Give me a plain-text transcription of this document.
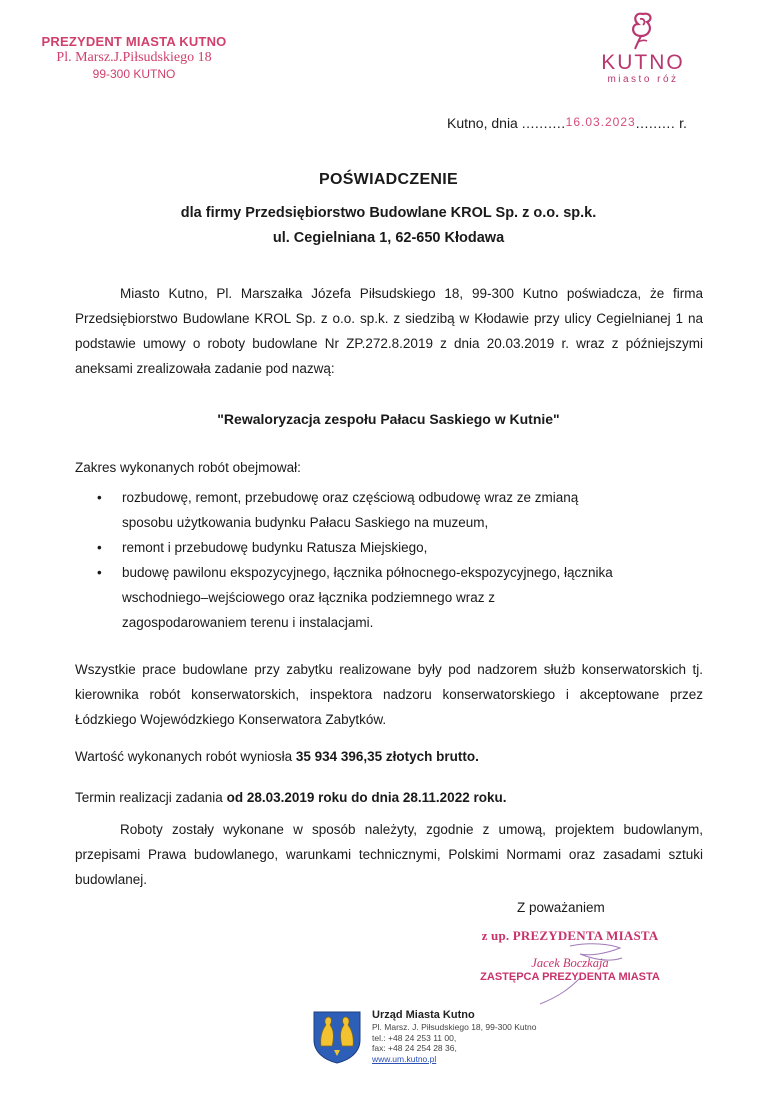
PREZYDENT MIASTA KUTNO
Pl. Marsz.J.Piłsudskiego 18
99-300 KUTNO	KUTNO
miasto róż
Kutno, dnia ..........16.03.2023......... r.
POŚWIADCZENIE
dla firmy Przedsiębiorstwo Budowlane KROL Sp. z o.o. sp.k.
ul. Cegielniana 1, 62-650 Kłodawa
Miasto Kutno, Pl. Marszałka Józefa Piłsudskiego 18, 99-300 Kutno poświadcza, że firma Przedsiębiorstwo Budowlane KROL Sp. z o.o. sp.k. z siedzibą w Kłodawie przy ulicy Cegielnianej 1 na podstawie umowy o roboty budowlane Nr ZP.272.8.2019 z dnia 20.03.2019 r. wraz z późniejszymi aneksami zrealizowała zadanie pod nazwą:
"Rewaloryzacja zespołu Pałacu Saskiego w Kutnie"
Zakres wykonanych robót obejmował:
• rozbudowę, remont, przebudowę oraz częściową odbudowę wraz ze zmianą sposobu użytkowania budynku Pałacu Saskiego na muzeum,
• remont i przebudowę budynku Ratusza Miejskiego,
• budowę pawilonu ekspozycyjnego, łącznika północnego-ekspozycyjnego, łącznika wschodniego–wejściowego oraz łącznika podziemnego wraz z zagospodarowaniem terenu i instalacjami.
Wszystkie prace budowlane przy zabytku realizowane były pod nadzorem służb konserwatorskich tj. kierownika robót konserwatorskich, inspektora nadzoru konserwatorskiego i akceptowane przez Łódzkiego Wojewódzkiego Konserwatora Zabytków.
Wartość wykonanych robót wyniosła 35 934 396,35 złotych brutto.
Termin realizacji zadania od 28.03.2019 roku do dnia 28.11.2022 roku.
Roboty zostały wykonane w sposób należyty, zgodnie z umową, projektem budowlanym, przepisami Prawa budowlanego, warunkami technicznymi, Polskimi Normami oraz zasadami sztuki budowlanej.
Z poważaniem
z up. PREZYDENTA MIASTA
Jacek Boczkaja
ZASTĘPCA PREZYDENTA MIASTA
Urząd Miasta Kutno
Pl. Marsz. J. Piłsudskiego 18, 99-300 Kutno
tel.: +48 24 253 11 00,
fax: +48 24 254 28 36,
www.um.kutno.pl
